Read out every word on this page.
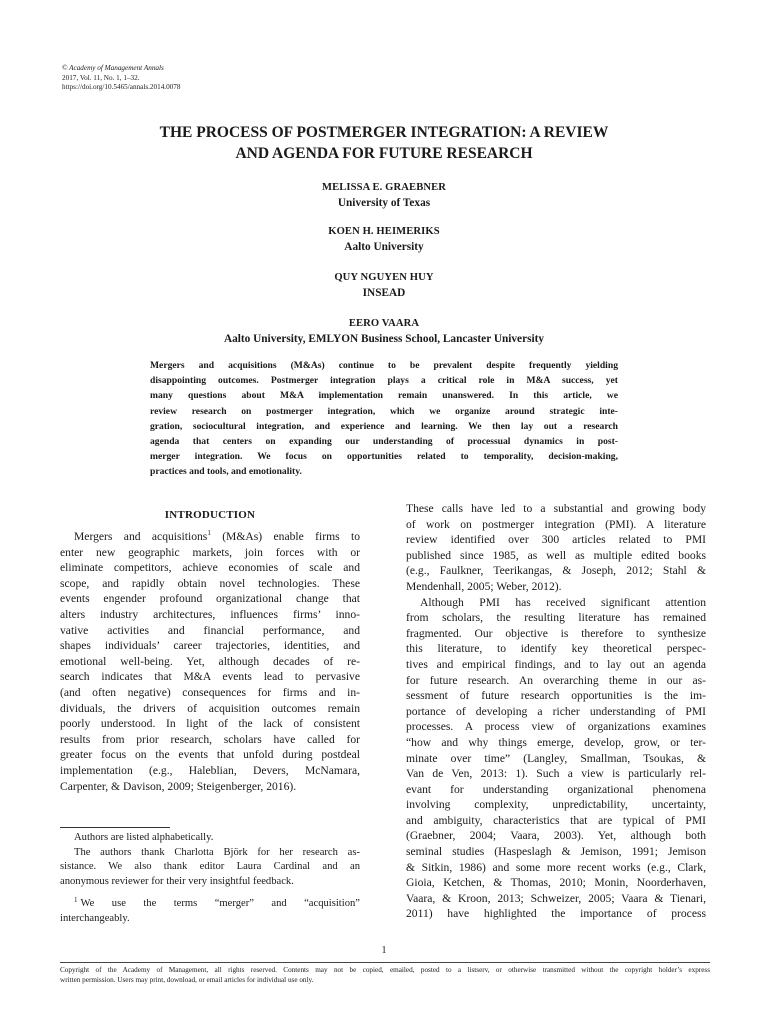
© Academy of Management Annals
2017, Vol. 11, No. 1, 1–32.
https://doi.org/10.5465/annals.2014.0078
THE PROCESS OF POSTMERGER INTEGRATION: A REVIEW
AND AGENDA FOR FUTURE RESEARCH
MELISSA E. GRAEBNER
University of Texas
KOEN H. HEIMERIKS
Aalto University
QUY NGUYEN HUY
INSEAD
EERO VAARA
Aalto University, EMLYON Business School, Lancaster University
Mergers and acquisitions (M&As) continue to be prevalent despite frequently yielding
disappointing outcomes. Postmerger integration plays a critical role in M&A success, yet
many questions about M&A implementation remain unanswered. In this article, we
review research on postmerger integration, which we organize around strategic inte-
gration, sociocultural integration, and experience and learning. We then lay out a research
agenda that centers on expanding our understanding of processual dynamics in post-
merger integration. We focus on opportunities related to temporality, decision-making,
practices and tools, and emotionality.
INTRODUCTION
Mergers and acquisitions$^1$ (M&As) enable firms to
enter new geographic markets, join forces with or
eliminate competitors, achieve economies of scale and
scope, and rapidly obtain novel technologies. These
events engender profound organizational change that
alters industry architectures, influences firms’ inno-
vative activities and financial performance, and
shapes individuals’ career trajectories, identities, and
emotional well-being. Yet, although decades of re-
search indicates that M&A events lead to pervasive
(and often negative) consequences for firms and in-
dividuals, the drivers of acquisition outcomes remain
poorly understood. In light of the lack of consistent
results from prior research, scholars have called for
greater focus on the events that unfold during postdeal
implementation (e.g., Haleblian, Devers, McNamara,
Carpenter, & Davison, 2009; Steigenberger, 2016).
Authors are listed alphabetically.
The authors thank Charlotta Björk for her research as-
sistance. We also thank editor Laura Cardinal and an
anonymous reviewer for their very insightful feedback.
$^1$ We use the terms “merger” and “acquisition”
interchangeably.
These calls have led to a substantial and growing body
of work on postmerger integration (PMI). A literature
review identified over 300 articles related to PMI
published since 1985, as well as multiple edited books
(e.g., Faulkner, Teerikangas, & Joseph, 2012; Stahl &
Mendenhall, 2005; Weber, 2012).
Although PMI has received significant attention
from scholars, the resulting literature has remained
fragmented. Our objective is therefore to synthesize
this literature, to identify key theoretical perspec-
tives and empirical findings, and to lay out an agenda
for future research. An overarching theme in our as-
sessment of future research opportunities is the im-
portance of developing a richer understanding of PMI
processes. A process view of organizations examines
“how and why things emerge, develop, grow, or ter-
minate over time” (Langley, Smallman, Tsoukas, &
Van de Ven, 2013: 1). Such a view is particularly rel-
evant for understanding organizational phenomena
involving complexity, unpredictability, uncertainty,
and ambiguity, characteristics that are typical of PMI
(Graebner, 2004; Vaara, 2003). Yet, although both
seminal studies (Haspeslagh & Jemison, 1991; Jemison
& Sitkin, 1986) and some more recent works (e.g., Clark,
Gioia, Ketchen, & Thomas, 2010; Monin, Noorderhaven,
Vaara, & Kroon, 2013; Schweizer, 2005; Vaara & Tienari,
2011) have highlighted the importance of process
1
Copyright of the Academy of Management, all rights reserved. Contents may not be copied, emailed, posted to a listserv, or otherwise transmitted without the copyright holder’s express
written permission. Users may print, download, or email articles for individual use only.
